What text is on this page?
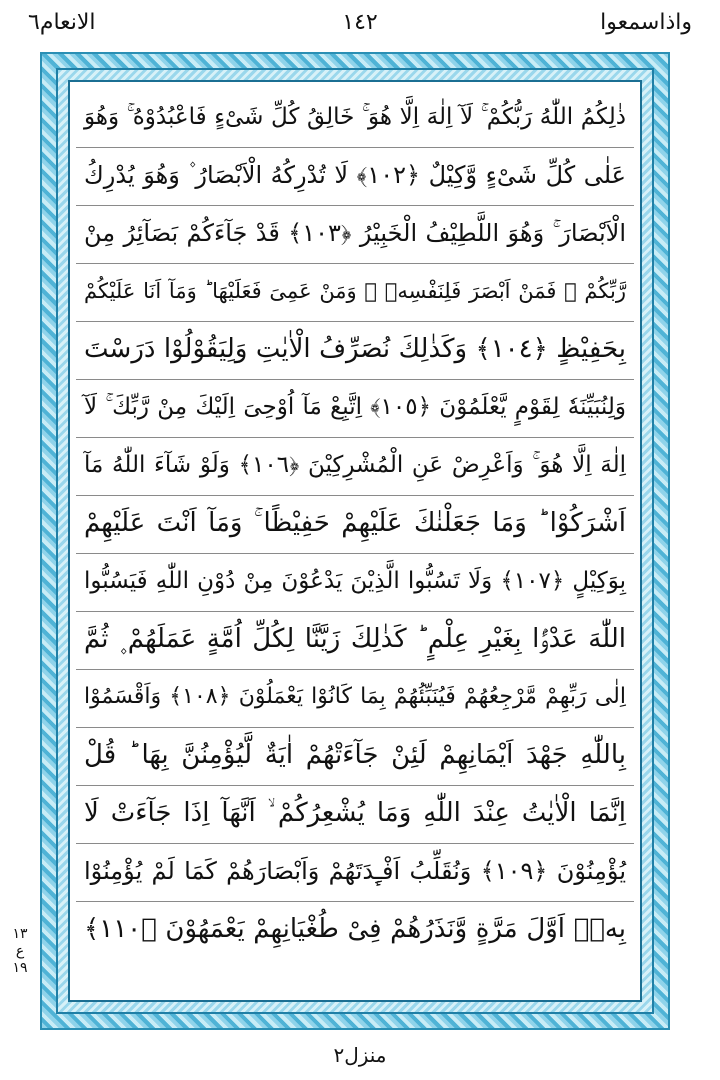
واذاسمعوا
١٤٢
الانعام٦
ذٰلِكُمُ اللّٰهُ رَبُّكُمْ ۚ لَآ اِلٰهَ اِلَّا هُوَ ۚ خَالِقُ كُلِّ شَیْءٍ فَاعْبُدُوْهُ ۚ وَهُوَ
عَلٰی كُلِّ شَیْءٍ وَّكِیْلٌ ﴿١٠٢﴾ لَا تُدْرِكُهُ الْاَبْصَارُ ۫ وَهُوَ یُدْرِكُ
الْاَبْصَارَ ۚ وَهُوَ اللَّطِیْفُ الْخَبِیْرُ ﴿١٠٣﴾ قَدْ جَآءَكُمْ بَصَآئِرُ مِنْ
رَّبِّكُمْ ۚ فَمَنْ اَبْصَرَ فَلِنَفْسِهٖ ۚ وَمَنْ عَمِیَ فَعَلَیْهَا ؕ وَمَآ اَنَا عَلَیْكُمْ
بِحَفِیْظٍ ﴿١٠٤﴾ وَكَذٰلِكَ نُصَرِّفُ الْاٰیٰتِ وَلِیَقُوْلُوْا دَرَسْتَ
وَلِنُبَیِّنَهٗ لِقَوْمٍ یَّعْلَمُوْنَ ﴿١٠٥﴾ اِتَّبِعْ مَآ اُوْحِیَ اِلَیْكَ مِنْ رَّبِّكَ ۚ لَآ
اِلٰهَ اِلَّا هُوَ ۚ وَاَعْرِضْ عَنِ الْمُشْرِكِیْنَ ﴿١٠٦﴾ وَلَوْ شَآءَ اللّٰهُ مَآ
اَشْرَكُوْا ؕ وَمَا جَعَلْنٰكَ عَلَیْهِمْ حَفِیْظًا ۚ وَمَآ اَنْتَ عَلَیْهِمْ
بِوَكِیْلٍ ﴿١٠٧﴾ وَلَا تَسُبُّوا الَّذِیْنَ یَدْعُوْنَ مِنْ دُوْنِ اللّٰهِ فَیَسُبُّوا
اللّٰهَ عَدْوًۢا بِغَیْرِ عِلْمٍ ؕ كَذٰلِكَ زَیَّنَّا لِكُلِّ اُمَّةٍ عَمَلَهُمْ ۪ ثُمَّ
اِلٰی رَبِّهِمْ مَّرْجِعُهُمْ فَیُنَبِّئُهُمْ بِمَا كَانُوْا یَعْمَلُوْنَ ﴿١٠٨﴾ وَاَقْسَمُوْا
بِاللّٰهِ جَهْدَ اَیْمَانِهِمْ لَئِنْ جَآءَتْهُمْ اٰیَةٌ لَّیُؤْمِنُنَّ بِهَا ؕ قُلْ
اِنَّمَا الْاٰیٰتُ عِنْدَ اللّٰهِ وَمَا یُشْعِرُكُمْ ۙ اَنَّهَآ اِذَا جَآءَتْ لَا
یُؤْمِنُوْنَ ﴿١٠٩﴾ وَنُقَلِّبُ اَفْـِٕدَتَهُمْ وَاَبْصَارَهُمْ كَمَا لَمْ یُؤْمِنُوْا
بِهٖۤ اَوَّلَ مَرَّةٍ وَّنَذَرُهُمْ فِیْ طُغْیَانِهِمْ یَعْمَهُوْنَ ﴿١١٠﴾
١٣
ع
١٩
منزل٢
